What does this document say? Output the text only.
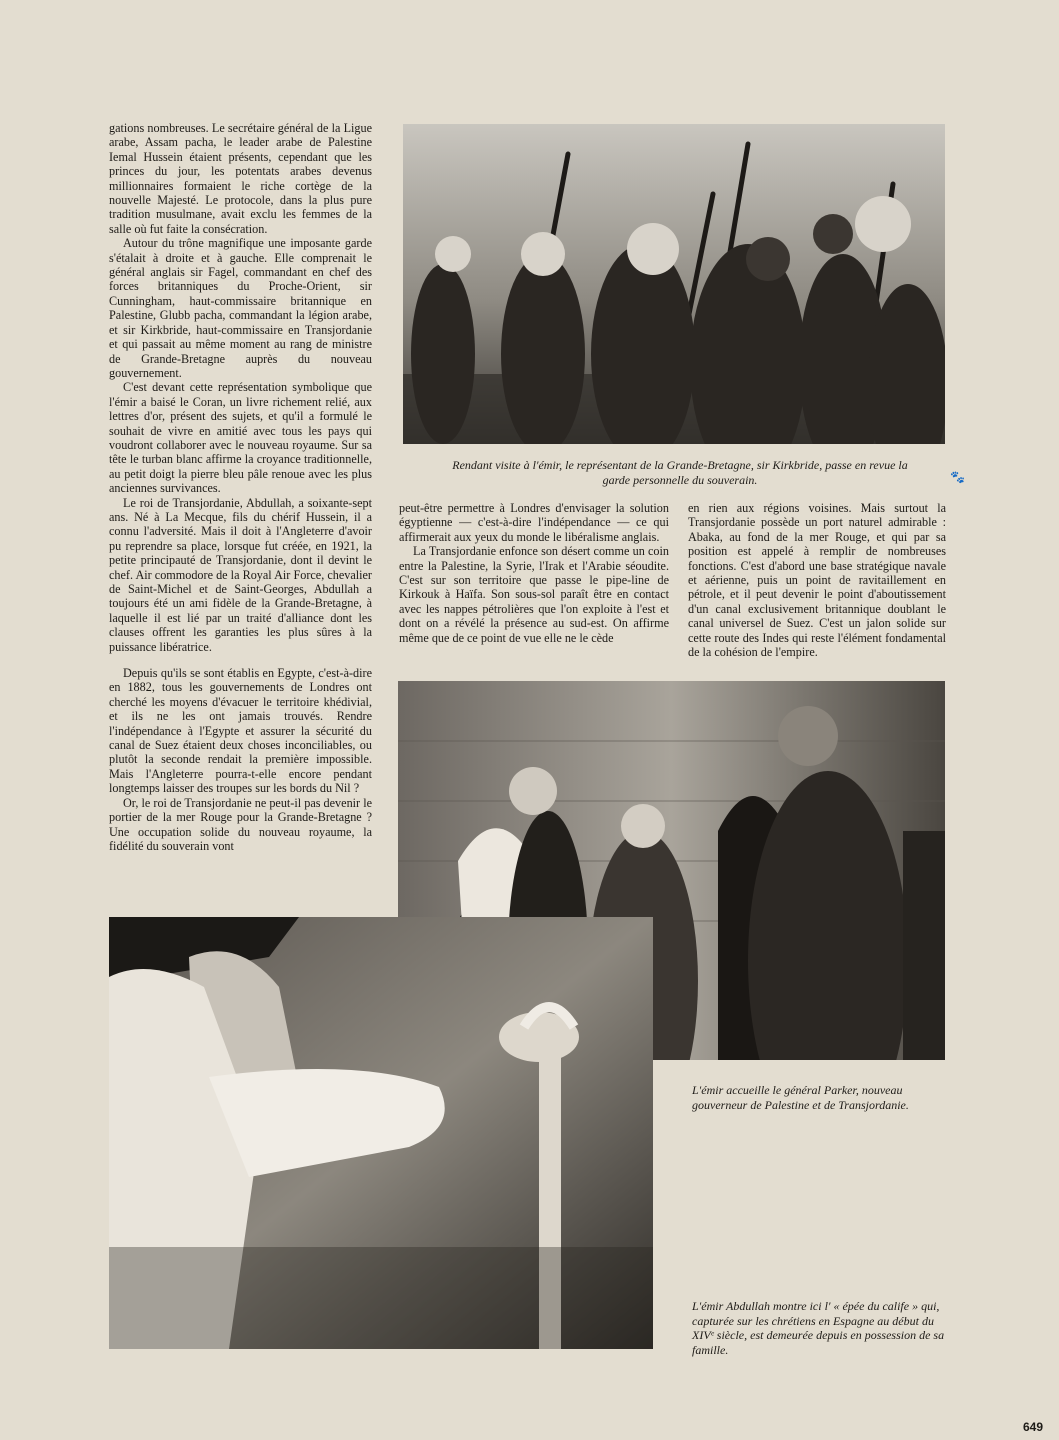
gations nombreuses. Le secrétaire général de la Ligue arabe, Assam pacha, le leader arabe de Palestine Iemal Hussein étaient présents, cependant que les princes du jour, les potentats arabes devenus millionnaires formaient le riche cortège de la nouvelle Majesté. Le protocole, dans la plus pure tradition musulmane, avait exclu les femmes de la salle où fut faite la consécration.

Autour du trône magnifique une imposante garde s'étalait à droite et à gauche. Elle comprenait le général anglais sir Fagel, commandant en chef des forces britanniques du Proche-Orient, sir Cunningham, haut-commissaire britannique en Palestine, Glubb pacha, commandant la légion arabe, et sir Kirkbride, haut-commissaire en Transjordanie et qui passait au même moment au rang de ministre de Grande-Bretagne auprès du nouveau gouvernement.

C'est devant cette représentation symbolique que l'émir a baisé le Coran, un livre richement relié, aux lettres d'or, présent des sujets, et qu'il a formulé le souhait de vivre en amitié avec tous les pays qui voudront collaborer avec le nouveau royaume. Sur sa tête le turban blanc affirme la croyance traditionnelle, au petit doigt la pierre bleu pâle renoue avec les plus anciennes survivances.

Le roi de Transjordanie, Abdullah, a soixante-sept ans. Né à La Mecque, fils du chérif Hussein, il a connu l'adversité. Mais il doit à l'Angleterre d'avoir pu reprendre sa place, lorsque fut créée, en 1921, la petite principauté de Transjordanie, dont il devint le chef. Air commodore de la Royal Air Force, chevalier de Saint-Michel et de Saint-Georges, Abdullah a toujours été un ami fidèle de la Grande-Bretagne, à laquelle il est lié par un traité d'alliance dont les clauses offrent les garanties les plus sûres à la puissance libératrice.

Depuis qu'ils se sont établis en Egypte, c'est-à-dire en 1882, tous les gouvernements de Londres ont cherché les moyens d'évacuer le territoire khédivial, et ils ne les ont jamais trouvés. Rendre l'indépendance à l'Egypte et assurer la sécurité du canal de Suez étaient deux choses inconciliables, ou plutôt la seconde rendait la première impossible. Mais l'Angleterre pourra-t-elle encore pendant longtemps laisser des troupes sur les bords du Nil ?

Or, le roi de Transjordanie ne peut-il pas devenir le portier de la mer Rouge pour la Grande-Bretagne ? Une occupation solide du nouveau royaume, la fidélité du souverain vont

Rendant visite à l'émir, le représentant de la Grande-Bretagne, sir Kirkbride, passe en revue la garde personnelle du souverain.	🐾

peut-être permettre à Londres d'envisager la solution égyptienne — c'est-à-dire l'indépendance — ce qui affirmerait aux yeux du monde le libéralisme anglais.

La Transjordanie enfonce son désert comme un coin entre la Palestine, la Syrie, l'Irak et l'Arabie séoudite. C'est sur son territoire que passe le pipe-line de Kirkouk à Haïfa. Son sous-sol paraît être en contact avec les nappes pétrolières que l'on exploite à l'est et dont on a révélé la présence au sud-est. On affirme même que de ce point de vue elle ne le cède

en rien aux régions voisines. Mais surtout la Transjordanie possède un port naturel admirable : Abaka, au fond de la mer Rouge, et qui par sa position est appelé à remplir de nombreuses fonctions. C'est d'abord une base stratégique navale et aérienne, puis un point de ravitaillement en pétrole, et il peut devenir le point d'aboutissement d'un canal exclusivement britannique doublant le canal universel de Suez. C'est un jalon solide sur cette route des Indes qui reste l'élément fondamental de la cohésion de l'empire.

L'émir accueille le général Parker, nouveau gouverneur de Palestine et de Transjordanie.
L'émir Abdullah montre ici l' « épée du calife » qui, capturée sur les chrétiens en Espagne au début du XIVᵉ siècle, est demeurée depuis en possession de sa famille.
649
